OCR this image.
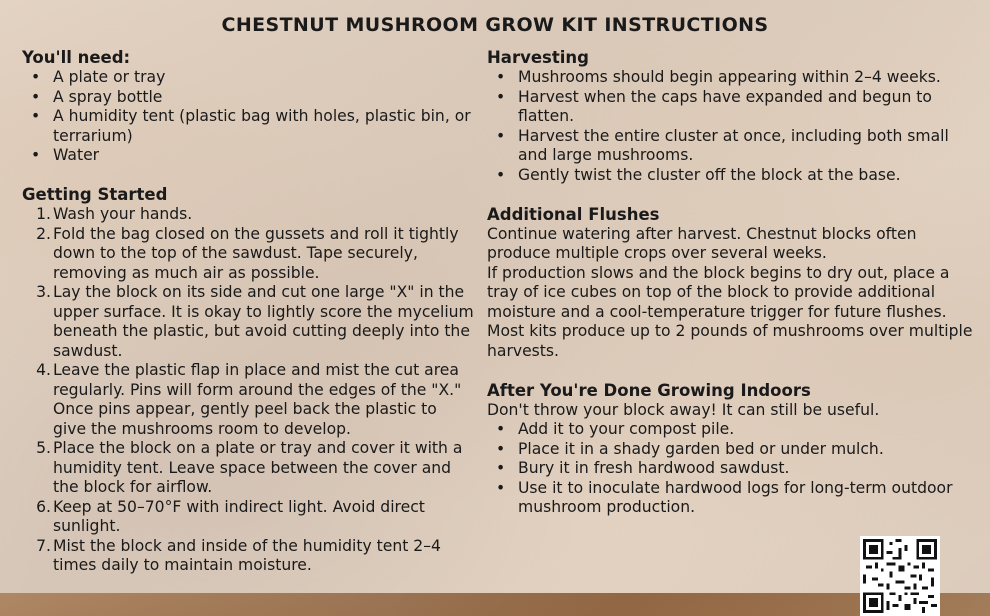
CHESTNUT MUSHROOM GROW KIT INSTRUCTIONS
You'll need:
• A plate or tray
• A spray bottle
• A humidity tent (plastic bag with holes, plastic bin, or terrarium)
• Water
Getting Started
1. Wash your hands.
2. Fold the bag closed on the gussets and roll it tightly down to the top of the sawdust. Tape securely, removing as much air as possible.
3. Lay the block on its side and cut one large "X" in the upper surface. It is okay to lightly score the mycelium beneath the plastic, but avoid cutting deeply into the sawdust.
4. Leave the plastic flap in place and mist the cut area regularly. Pins will form around the edges of the "X." Once pins appear, gently peel back the plastic to give the mushrooms room to develop.
5. Place the block on a plate or tray and cover it with a humidity tent. Leave space between the cover and the block for airflow.
6. Keep at 50–70°F with indirect light. Avoid direct sunlight.
7. Mist the block and inside of the humidity tent 2–4 times daily to maintain moisture.
Harvesting
• Mushrooms should begin appearing within 2–4 weeks.
• Harvest when the caps have expanded and begun to flatten.
• Harvest the entire cluster at once, including both small and large mushrooms.
• Gently twist the cluster off the block at the base.
Additional Flushes

Continue watering after harvest. Chestnut blocks often produce multiple crops over several weeks.

If production slows and the block begins to dry out, place a tray of ice cubes on top of the block to provide additional moisture and a cool-temperature trigger for future flushes.

Most kits produce up to 2 pounds of mushrooms over multiple harvests.

After You're Done Growing Indoors

Don't throw your block away! It can still be useful.

• Add it to your compost pile.
• Place it in a shady garden bed or under mulch.
• Bury it in fresh hardwood sawdust.
• Use it to inoculate hardwood logs for long-term outdoor mushroom production.
